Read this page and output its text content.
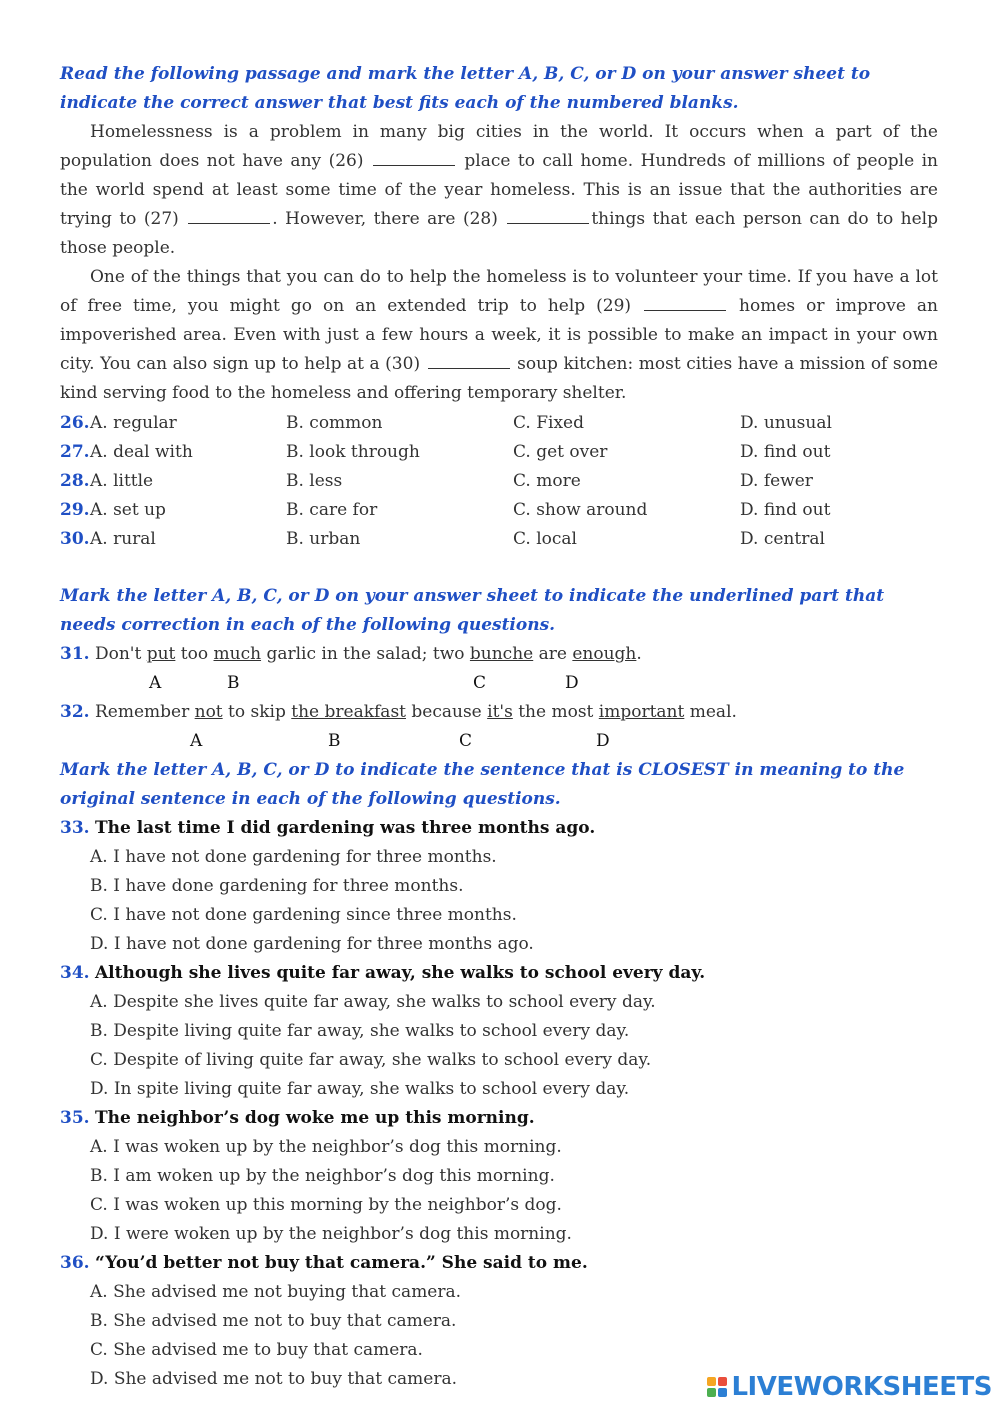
Read the following passage and mark the letter A, B, C, or D on your answer sheet to indicate the correct answer that best fits each of the numbered blanks.

Homelessness is a problem in many big cities in the world. It occurs when a part of the population does not have any (26)	place to call home. Hundreds of millions of people in the world spend at least some time of the year homeless. This is an issue that the authorities are trying to (27)	. However, there are (28)	things that each person can do to help those people.

One of the things that you can do to help the homeless is to volunteer your time. If you have a lot of free time, you might go on an extended trip to help (29)	homes or improve an impoverished area. Even with just a few hours a week, it is possible to make an impact in your own city. You can also sign up to help at a (30)	soup kitchen: most cities have a mission of some kind serving food to the homeless and offering temporary shelter.

26. A. regular	B. common	C. Fixed	D. unusual
27. A. deal with	B. look through	C. get over	D. find out
28. A. little	B. less	C. more	D. fewer
29. A. set up	B. care for	C. show around	D. find out
30. A. rural	B. urban	C. local	D. central

Mark the letter A, B, C, or D on your answer sheet to indicate the underlined part that needs correction in each of the following questions.

31. Don't put too much garlic in the salad; two bunche are enough.
A	B	C	D
32. Remember not to skip the breakfast because it's the most important meal.
A	B	C	D

Mark the letter A, B, C, or D to indicate the sentence that is CLOSEST in meaning to the original sentence in each of the following questions.

33. The last time I did gardening was three months ago.
A. I have not done gardening for three months.
B. I have done gardening for three months.
C. I have not done gardening since three months.
D. I have not done gardening for three months ago.
34. Although she lives quite far away, she walks to school every day.
A. Despite she lives quite far away, she walks to school every day.
B. Despite living quite far away, she walks to school every day.
C. Despite of living quite far away, she walks to school every day.
D. In spite living quite far away, she walks to school every day.
35. The neighbor’s dog woke me up this morning.
A. I was woken up by the neighbor’s dog this morning.
B. I am woken up by the neighbor’s dog this morning.
C. I was woken up this morning by the neighbor’s dog.
D. I were woken up by the neighbor’s dog this morning.
36. “You’d better not buy that camera.” She said to me.
A. She advised me not buying that camera.
B. She advised me not to buy that camera.
C. She advised me to buy that camera.
D. She advised me not to buy that camera.	LIVEWORKSHEETS
